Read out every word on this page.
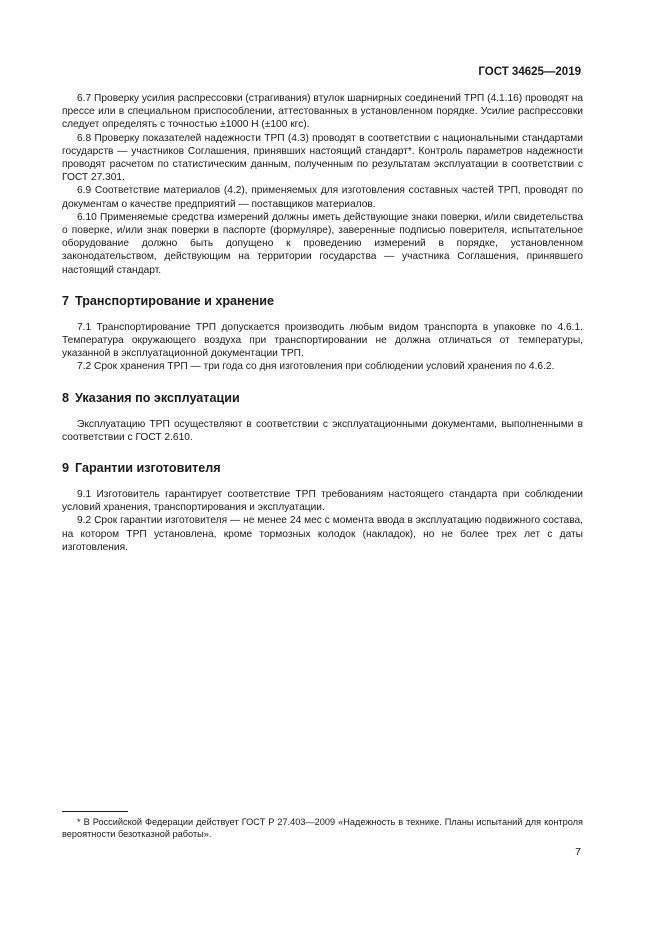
ГОСТ 34625—2019

6.7 Проверку усилия распрессовки (страгивания) втулок шарнирных соединений ТРП (4.1.16) проводят на прессе или в специальном приспособлении, аттестованных в установленном порядке. Усилие распрессовки следует определять с точностью ±1000 Н (±100 кгс).

6.8 Проверку показателей надежности ТРП (4.3) проводят в соответствии с национальными стандартами государств — участников Соглашения, принявших настоящий стандарт*. Контроль параметров надежности проводят расчетом по статистическим данным, полученным по результатам эксплуатации в соответствии с ГОСТ 27.301.

6.9 Соответствие материалов (4.2), применяемых для изготовления составных частей ТРП, проводят по документам о качестве предприятий — поставщиков материалов.

6.10 Применяемые средства измерений должны иметь действующие знаки поверки, и/или свидетельства о поверке, и/или знак поверки в паспорте (формуляре), заверенные подписью поверителя, испытательное оборудование должно быть допущено к проведению измерений в порядке, установленном законодательством, действующим на территории государства — участника Соглашения, принявшего настоящий стандарт.

7 Транспортирование и хранение

7.1 Транспортирование ТРП допускается производить любым видом транспорта в упаковке по 4.6.1. Температура окружающего воздуха при транспортировании не должна отличаться от температуры, указанной в эксплуатационной документации ТРП.

7.2 Срок хранения ТРП — три года со дня изготовления при соблюдении условий хранения по 4.6.2.

8 Указания по эксплуатации

Эксплуатацию ТРП осуществляют в соответствии с эксплуатационными документами, выполненными в соответствии с ГОСТ 2.610.

9 Гарантии изготовителя

9.1 Изготовитель гарантирует соответствие ТРП требованиям настоящего стандарта при соблюдении условий хранения, транспортирования и эксплуатации.

9.2 Срок гарантии изготовителя — не менее 24 мес с момента ввода в эксплуатацию подвижного состава, на котором ТРП установлена, кроме тормозных колодок (накладок), но не более трех лет с даты изготовления.

* В Российской Федерации действует ГОСТ Р 27.403—2009 «Надежность в технике. Планы испытаний для контроля вероятности безотказной работы».

7
